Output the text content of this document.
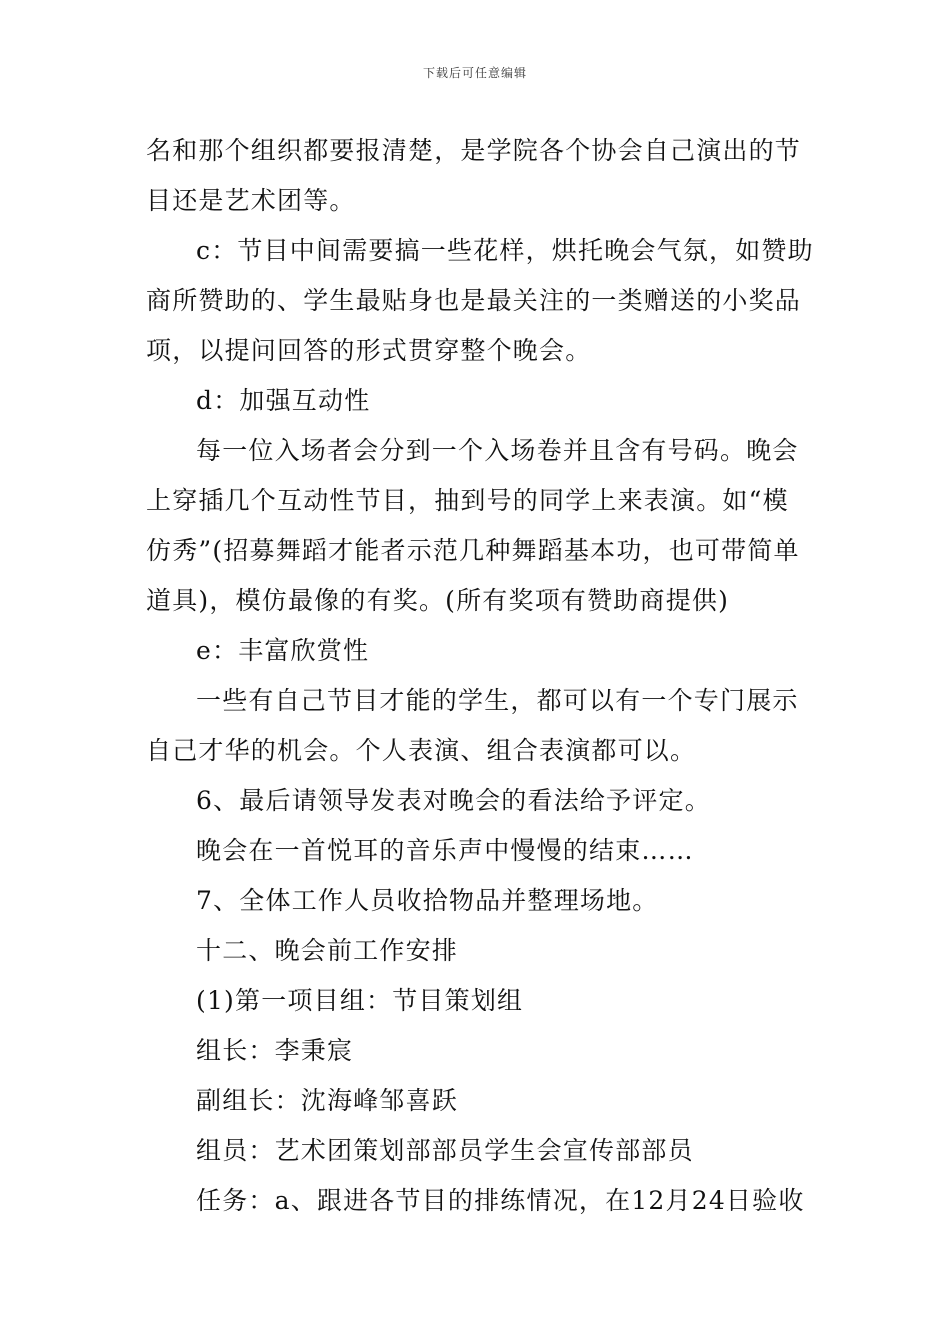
下载后可任意编辑
名和那个组织都要报清楚，是学院各个协会自己演出的节
目还是艺术团等。
c：节目中间需要搞一些花样，烘托晚会气氛，如赞助
商所赞助的、学生最贴身也是最关注的一类赠送的小奖品
项，以提问回答的形式贯穿整个晚会。
d：加强互动性
每一位入场者会分到一个入场卷并且含有号码。晚会
上穿插几个互动性节目，抽到号的同学上来表演。如“模
仿秀”(招募舞蹈才能者示范几种舞蹈基本功，也可带简单
道具)，模仿最像的有奖。(所有奖项有赞助商提供)
e：丰富欣赏性
一些有自己节目才能的学生，都可以有一个专门展示
自己才华的机会。个人表演、组合表演都可以。
6、最后请领导发表对晚会的看法给予评定。
晚会在一首悦耳的音乐声中慢慢的结束……
7、全体工作人员收拾物品并整理场地。
十二、晚会前工作安排
(1)第一项目组：节目策划组
组长：李秉宸
副组长：沈海峰邹喜跃
组员：艺术团策划部部员学生会宣传部部员
任务：a、跟进各节目的排练情况，在12月24日验收
